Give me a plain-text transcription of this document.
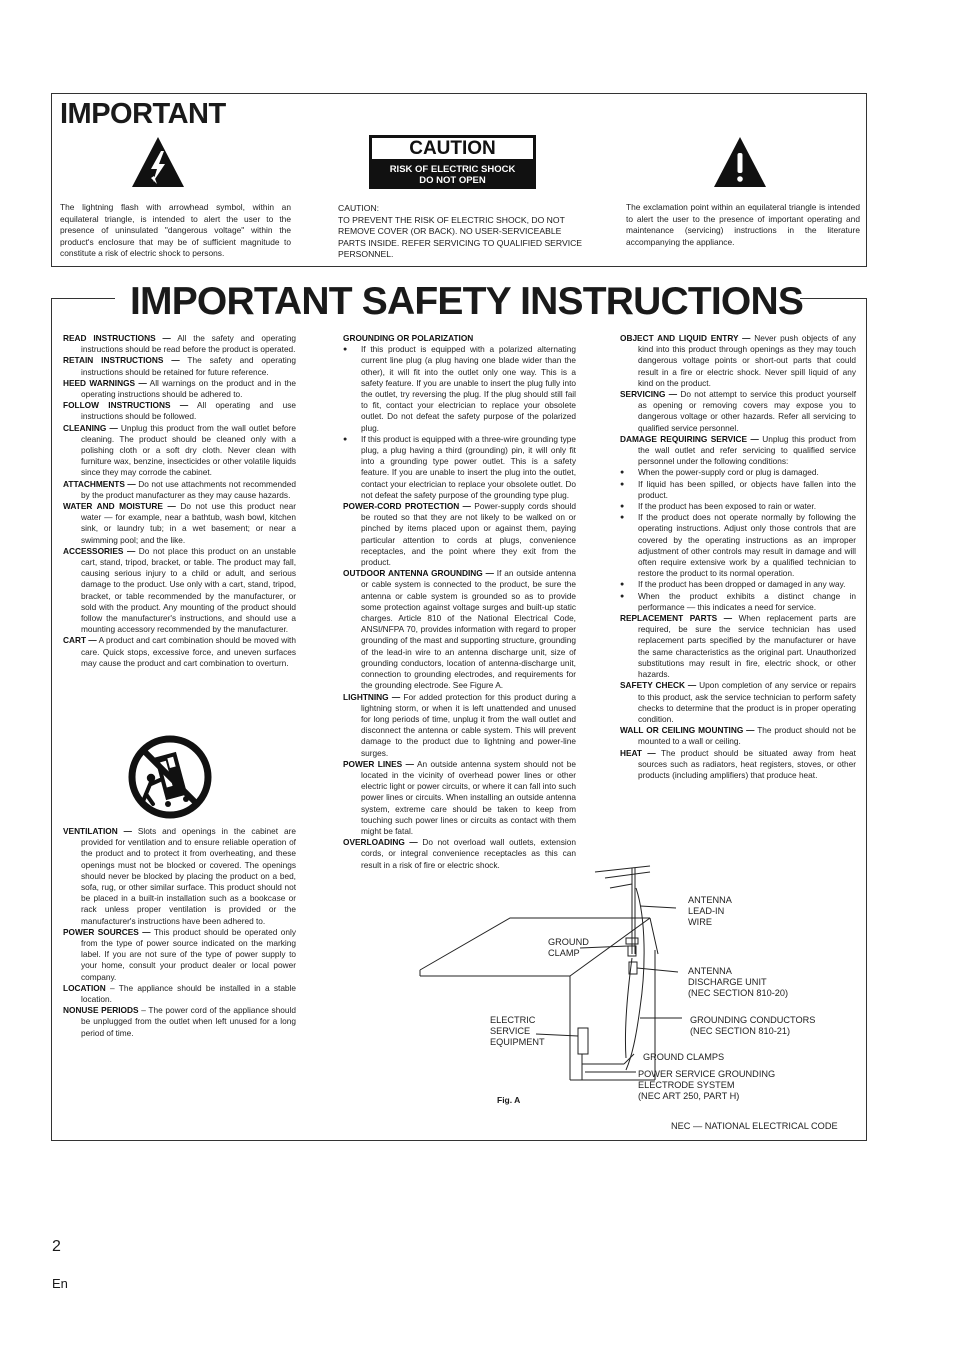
IMPORTANT
CAUTION
RISK OF ELECTRIC SHOCK
DO NOT OPEN
The lightning flash with arrowhead symbol, within an equilateral triangle, is intended to alert the user to the presence of uninsulated "dangerous voltage" within the product's enclosure that may be of sufficient magnitude to constitute a risk of electric shock to persons.
CAUTION:
TO PREVENT THE RISK OF ELECTRIC SHOCK, DO NOT REMOVE COVER (OR BACK). NO USER-SERVICEABLE PARTS INSIDE. REFER SERVICING TO QUALIFIED SERVICE PERSONNEL.
The exclamation point within an equilateral triangle is intended to alert the user to the presence of important operating and maintenance (servicing) instructions in the literature accompanying the appliance.
IMPORTANT SAFETY INSTRUCTIONS

READ INSTRUCTIONS — All the safety and operating instructions should be read before the product is operated.

RETAIN INSTRUCTIONS — The safety and operating instructions should be retained for future reference.

HEED WARNINGS — All warnings on the product and in the operating instructions should be adhered to.

FOLLOW INSTRUCTIONS — All operating and use instructions should be followed.

CLEANING — Unplug this product from the wall outlet before cleaning. The product should be cleaned only with a polishing cloth or a soft dry cloth. Never clean with furniture wax, benzine, insecticides or other volatile liquids since they may corrode the cabinet.

ATTACHMENTS — Do not use attachments not recommended by the product manufacturer as they may cause hazards.

WATER AND MOISTURE — Do not use this product near water — for example, near a bathtub, wash bowl, kitchen sink, or laundry tub; in a wet basement; or near a swimming pool; and the like.

ACCESSORIES — Do not place this product on an unstable cart, stand, tripod, bracket, or table. The product may fall, causing serious injury to a child or adult, and serious damage to the product. Use only with a cart, stand, tripod, bracket, or table recommended by the manufacturer, or sold with the product. Any mounting of the product should follow the manufacturer's instructions, and should use a mounting accessory recommended by the manufacturer.

CART — A product and cart combination should be moved with care. Quick stops, excessive force, and uneven surfaces may cause the product and cart combination to overturn.

VENTILATION — Slots and openings in the cabinet are provided for ventilation and to ensure reliable operation of the product and to protect it from overheating, and these openings must not be blocked or covered. The openings should never be blocked by placing the product on a bed, sofa, rug, or other similar surface. This product should not be placed in a built-in installation such as a bookcase or rack unless proper ventilation is provided or the manufacturer's instructions have been adhered to.

POWER SOURCES — This product should be operated only from the type of power source indicated on the marking label. If you are not sure of the type of power supply to your home, consult your product dealer or local power company.

LOCATION – The appliance should be installed in a stable location.

NONUSE PERIODS – The power cord of the appliance should be unplugged from the outlet when left unused for a long period of time.

GROUNDING OR POLARIZATION

● If this product is equipped with a polarized alternating current line plug (a plug having one blade wider than the other), it will fit into the outlet only one way. This is a safety feature. If you are unable to insert the plug fully into the outlet, try reversing the plug. If the plug should still fail to fit, contact your electrician to replace your obsolete outlet. Do not defeat the safety purpose of the polarized plug.

● If this product is equipped with a three-wire grounding type plug, a plug having a third (grounding) pin, it will only fit into a grounding type power outlet. This is a safety feature. If you are unable to insert the plug into the outlet, contact your electrician to replace your obsolete outlet. Do not defeat the safety purpose of the grounding type plug.

POWER-CORD PROTECTION — Power-supply cords should be routed so that they are not likely to be walked on or pinched by items placed upon or against them, paying particular attention to cords at plugs, convenience receptacles, and the point where they exit from the product.

OUTDOOR ANTENNA GROUNDING — If an outside antenna or cable system is connected to the product, be sure the antenna or cable system is grounded so as to provide some protection against voltage surges and built-up static charges. Article 810 of the National Electrical Code, ANSI/NFPA 70, provides information with regard to proper grounding of the mast and supporting structure, grounding of the lead-in wire to an antenna discharge unit, size of grounding conductors, location of antenna-discharge unit, connection to grounding electrodes, and requirements for the grounding electrode. See Figure A.

LIGHTNING — For added protection for this product during a lightning storm, or when it is left unattended and unused for long periods of time, unplug it from the wall outlet and disconnect the antenna or cable system. This will prevent damage to the product due to lightning and power-line surges.

POWER LINES — An outside antenna system should not be located in the vicinity of overhead power lines or other electric light or power circuits, or where it can fall into such power lines or circuits. When installing an outside antenna system, extreme care should be taken to keep from touching such power lines or circuits as contact with them might be fatal.

OVERLOADING — Do not overload wall outlets, extension cords, or integral convenience receptacles as this can result in a risk of fire or electric shock.

OBJECT AND LIQUID ENTRY — Never push objects of any kind into this product through openings as they may touch dangerous voltage points or short-out parts that could result in a fire or electric shock. Never spill liquid of any kind on the product.

SERVICING — Do not attempt to service this product yourself as opening or removing covers may expose you to dangerous voltage or other hazards. Refer all servicing to qualified service personnel.

DAMAGE REQUIRING SERVICE — Unplug this product from the wall outlet and refer servicing to qualified service personnel under the following conditions:

● When the power-supply cord or plug is damaged.

● If liquid has been spilled, or objects have fallen into the product.

● If the product has been exposed to rain or water.

● If the product does not operate normally by following the operating instructions. Adjust only those controls that are covered by the operating instructions as an improper adjustment of other controls may result in damage and will often require extensive work by a qualified technician to restore the product to its normal operation.

● If the product has been dropped or damaged in any way.

● When the product exhibits a distinct change in performance — this indicates a need for service.

REPLACEMENT PARTS — When replacement parts are required, be sure the service technician has used replacement parts specified by the manufacturer or have the same characteristics as the original part. Unauthorized substitutions may result in fire, electric shock, or other hazards.

SAFETY CHECK — Upon completion of any service or repairs to this product, ask the service technician to perform safety checks to determine that the product is in proper operating condition.

WALL OR CEILING MOUNTING — The product should not be mounted to a wall or ceiling.

HEAT — The product should be situated away from heat sources such as radiators, heat registers, stoves, or other products (including amplifiers) that produce heat.

ANTENNA
LEAD-IN
WIRE
GROUND
CLAMP
ANTENNA
DISCHARGE UNIT
(NEC SECTION 810-20)
ELECTRIC
SERVICE
EQUIPMENT
GROUNDING CONDUCTORS
(NEC SECTION 810-21)
GROUND CLAMPS
POWER SERVICE GROUNDING
ELECTRODE SYSTEM
(NEC ART 250, PART H)
Fig. A
NEC — NATIONAL ELECTRICAL CODE
2
En
